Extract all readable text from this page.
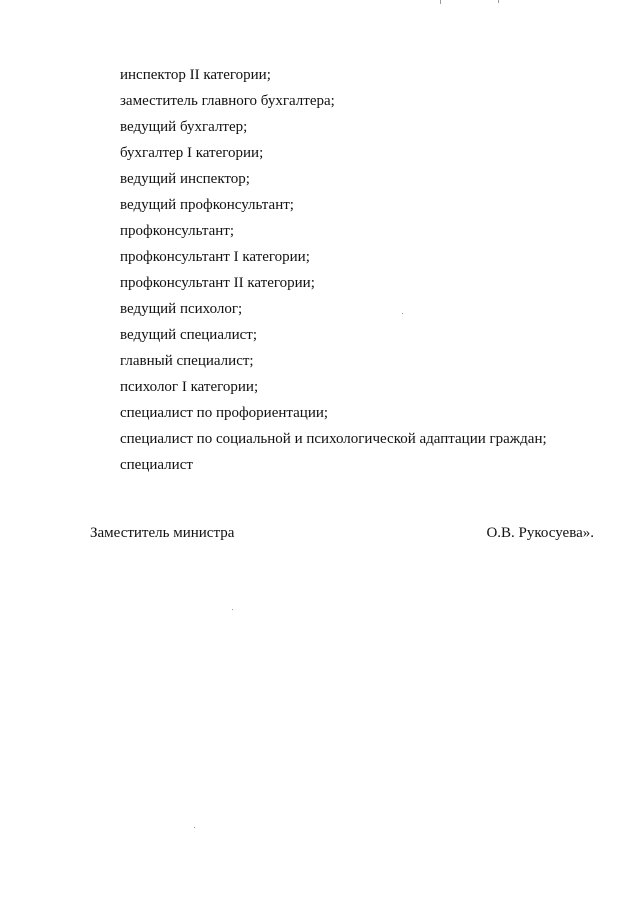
инспектор II категории;
заместитель главного бухгалтера;
ведущий бухгалтер;
бухгалтер I категории;
ведущий инспектор;
ведущий профконсультант;
профконсультант;
профконсультант I категории;
профконсультант II категории;
ведущий психолог;
ведущий специалист;
главный специалист;
психолог I категории;
специалист по профориентации;
специалист по социальной и психологической адаптации граждан;
специалист
Заместитель министра	О.В. Рукосуева».
